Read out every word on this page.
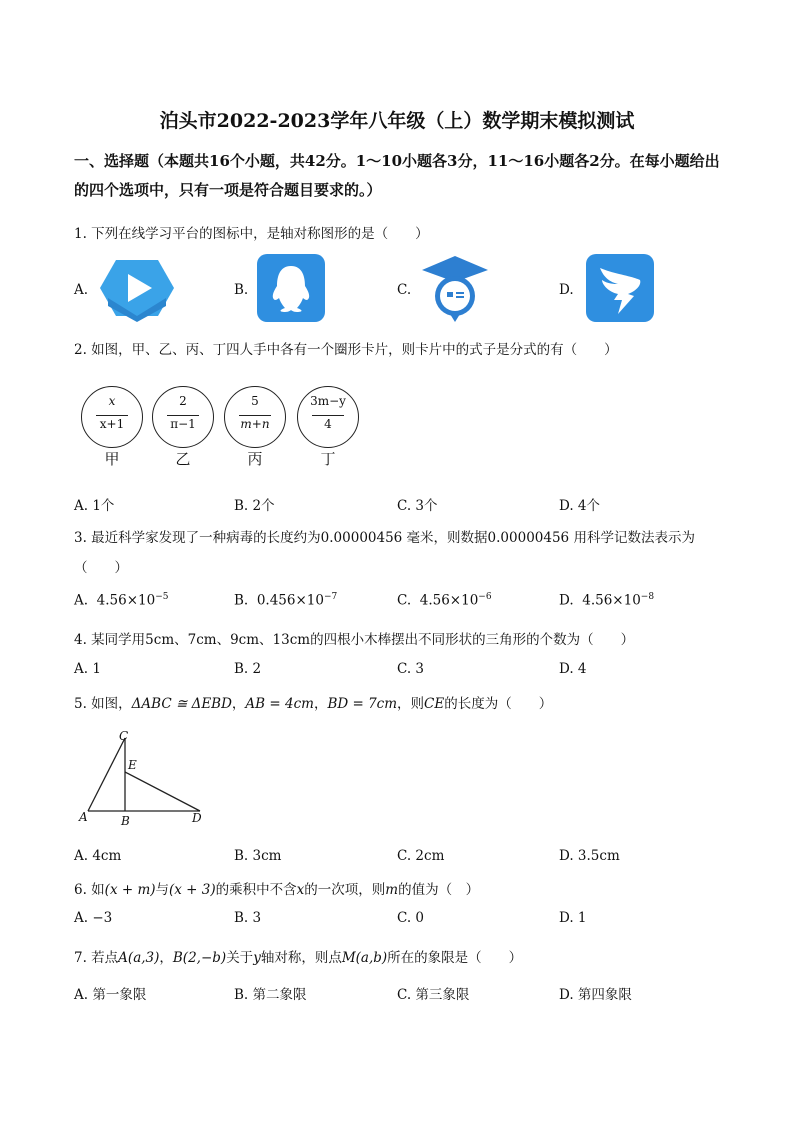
泊头市2022-2023学年八年级（上）数学期末模拟测试
一、选择题（本题共16个小题，共42分。1～10小题各3分，11～16小题各2分。在每小题给出的四个选项中，只有一项是符合题目要求的。）
1. 下列在线学习平台的图标中，是轴对称图形的是（　　）
A.	B.	C.	D.
2. 如图，甲、乙、丙、丁四人手中各有一个圈形卡片，则卡片中的式子是分式的有（　　）
x
x+1
2
π−1
5
m+n
3m−y
4
甲	乙	丙	丁
A. 1个	B. 2个	C. 3个	D. 4个
3. 最近科学家发现了一种病毒的长度约为0.00000456 毫米，则数据0.00000456 用科学记数法表示为
（　　）
A. $4.56\times 10^{-5}$	B. $0.456\times 10^{-7}$	C. $4.56\times 10^{-6}$	D. $4.56\times 10^{-8}$
4. 某同学用5cm、7cm、9cm、13cm的四根小木棒摆出不同形状的三角形的个数为（　　）
A. 1	B. 2	C. 3	D. 4
5. 如图，ΔABC ≅ ΔEBD，AB = 4cm，BD = 7cm，则CE的长度为（　　）
C
E
A	B	D
A. 4cm	B. 3cm	C. 2cm	D. 3.5cm
6. 如(x + m)与(x + 3)的乘积中不含x的一次项，则m的值为（　）
A. −3	B. 3	C. 0	D. 1
7. 若点A(a,3)，B(2,−b)关于y轴对称，则点M(a,b)所在的象限是（　　）
A. 第一象限	B. 第二象限	C. 第三象限	D. 第四象限
